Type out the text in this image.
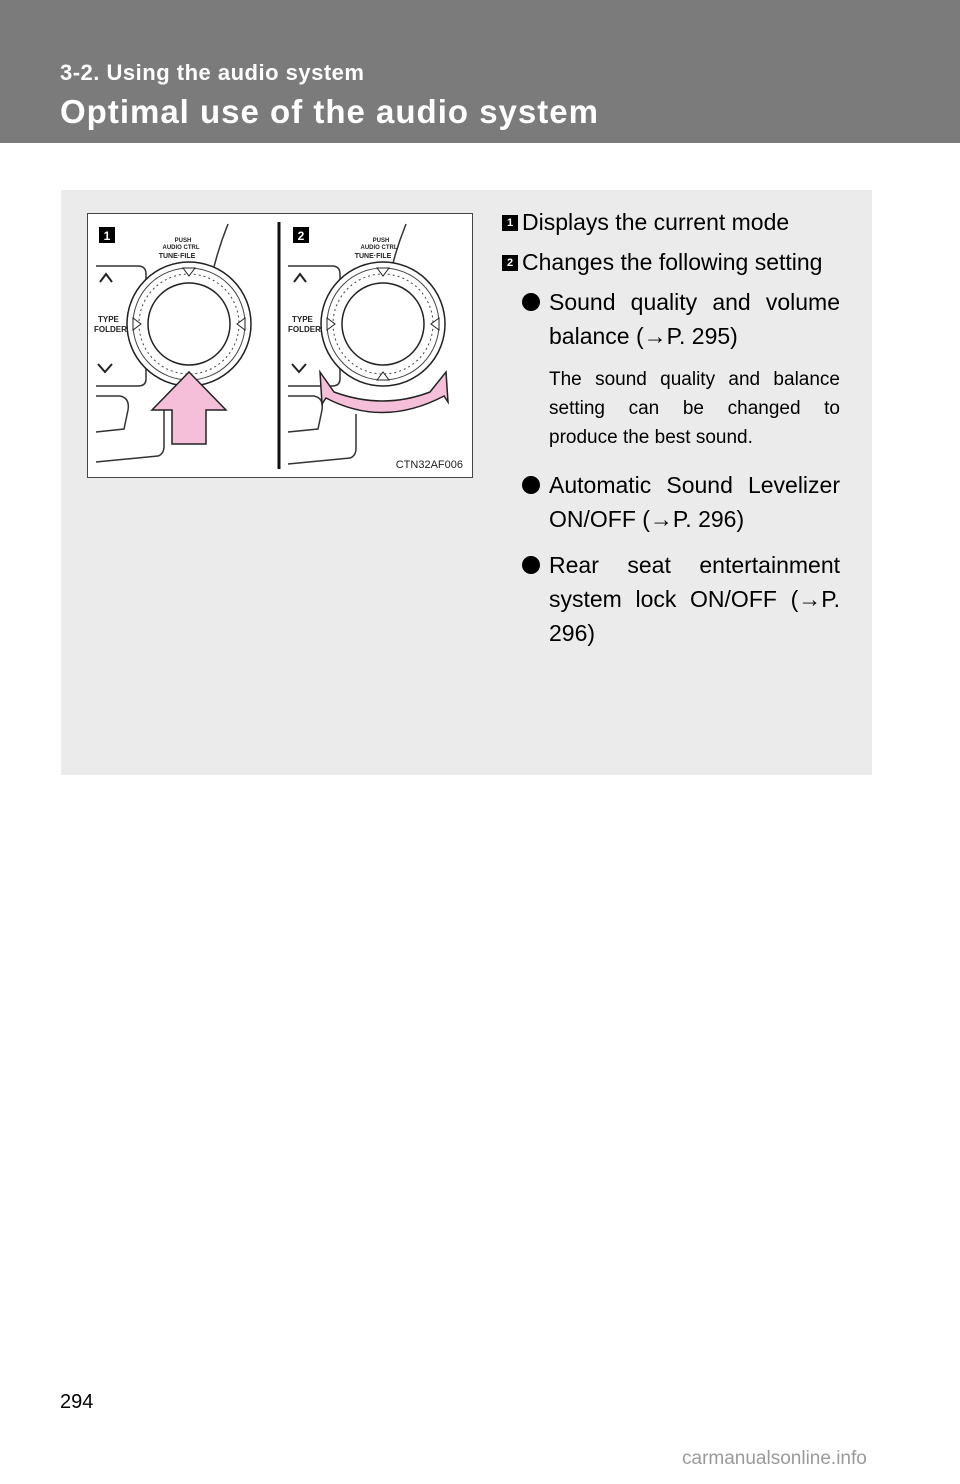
3-2. Using the audio system
Optimal use of the audio system
1
TYPE
FOLDER
PUSH
AUDIO CTRL
TUNE·FILE
2
TYPE
FOLDER
PUSH
AUDIO CTRL
TUNE·FILE
CTN32AF006
1 Displays the current mode
2 Changes the following setting
Sound quality and volume balance (→P. 295)
The sound quality and balance setting can be changed to produce the best sound.
Automatic Sound Levelizer ON/OFF (→P. 296)
Rear seat entertainment system lock ON/OFF (→P. 296)
294
carmanualsonline.info
